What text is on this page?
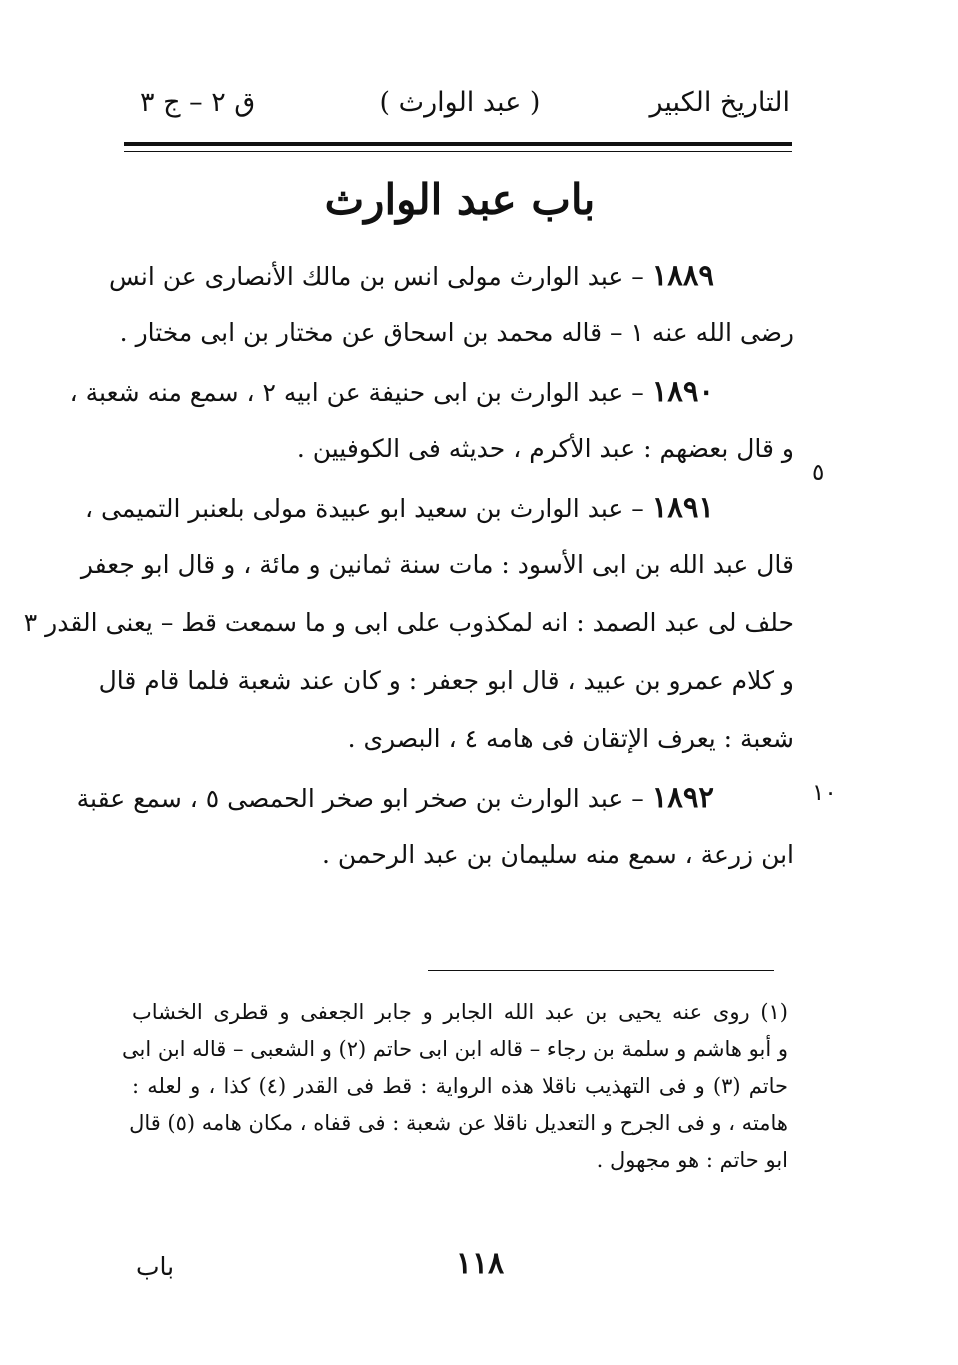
التاريخ الكبير
( عبد الوارث )
ق ٢ – ج ٣
باب عبد الوارث
١٨٨٩ – عبد الوارث مولى انس بن مالك الأنصارى عن انس
رضى الله عنه ١ – قاله محمد بن اسحاق عن مختار بن ابى مختار .
١٨٩٠ – عبد الوارث بن ابى حنيفة عن ابيه ٢ ، سمع منه شعبة ،
و قال بعضهم : عبد الأكرم ، حديثه فى الكوفيين .
١٨٩١ – عبد الوارث بن سعيد ابو عبيدة مولى بلعنبر التميمى ،
قال عبد الله بن ابى الأسود : مات سنة ثمانين و مائة ، و قال ابو جعفر
حلف لى عبد الصمد : انه لمكذوب على ابى و ما سمعت قط – يعنى القدر ٣
و كلام عمرو بن عبيد ، قال ابو جعفر : و كان عند شعبة فلما قام قال
شعبة : يعرف الإتقان فى هامه ٤ ، البصرى .
١٨٩٢ – عبد الوارث بن صخر ابو صخر الحمصى ٥ ، سمع عقبة
ابن زرعة ، سمع منه سليمان بن عبد الرحمن .
٥
١٠
(١) روى عنه يحيى بن عبد الله الجابر و جابر الجعفى و قطرى الخشاب
و أبو هاشم و سلمة بن رجاء – قاله ابن ابى حاتم (٢) و الشعبى – قاله ابن ابى
حاتم (٣) و فى التهذيب ناقلا هذه الرواية : قط فى القدر (٤) كذا ، و لعله :
هامته ، و فى الجرح و التعديل ناقلا عن شعبة : فى قفاه ، مكان هامه (٥) قال
ابو حاتم : هو مجهول .
١١٨
باب
